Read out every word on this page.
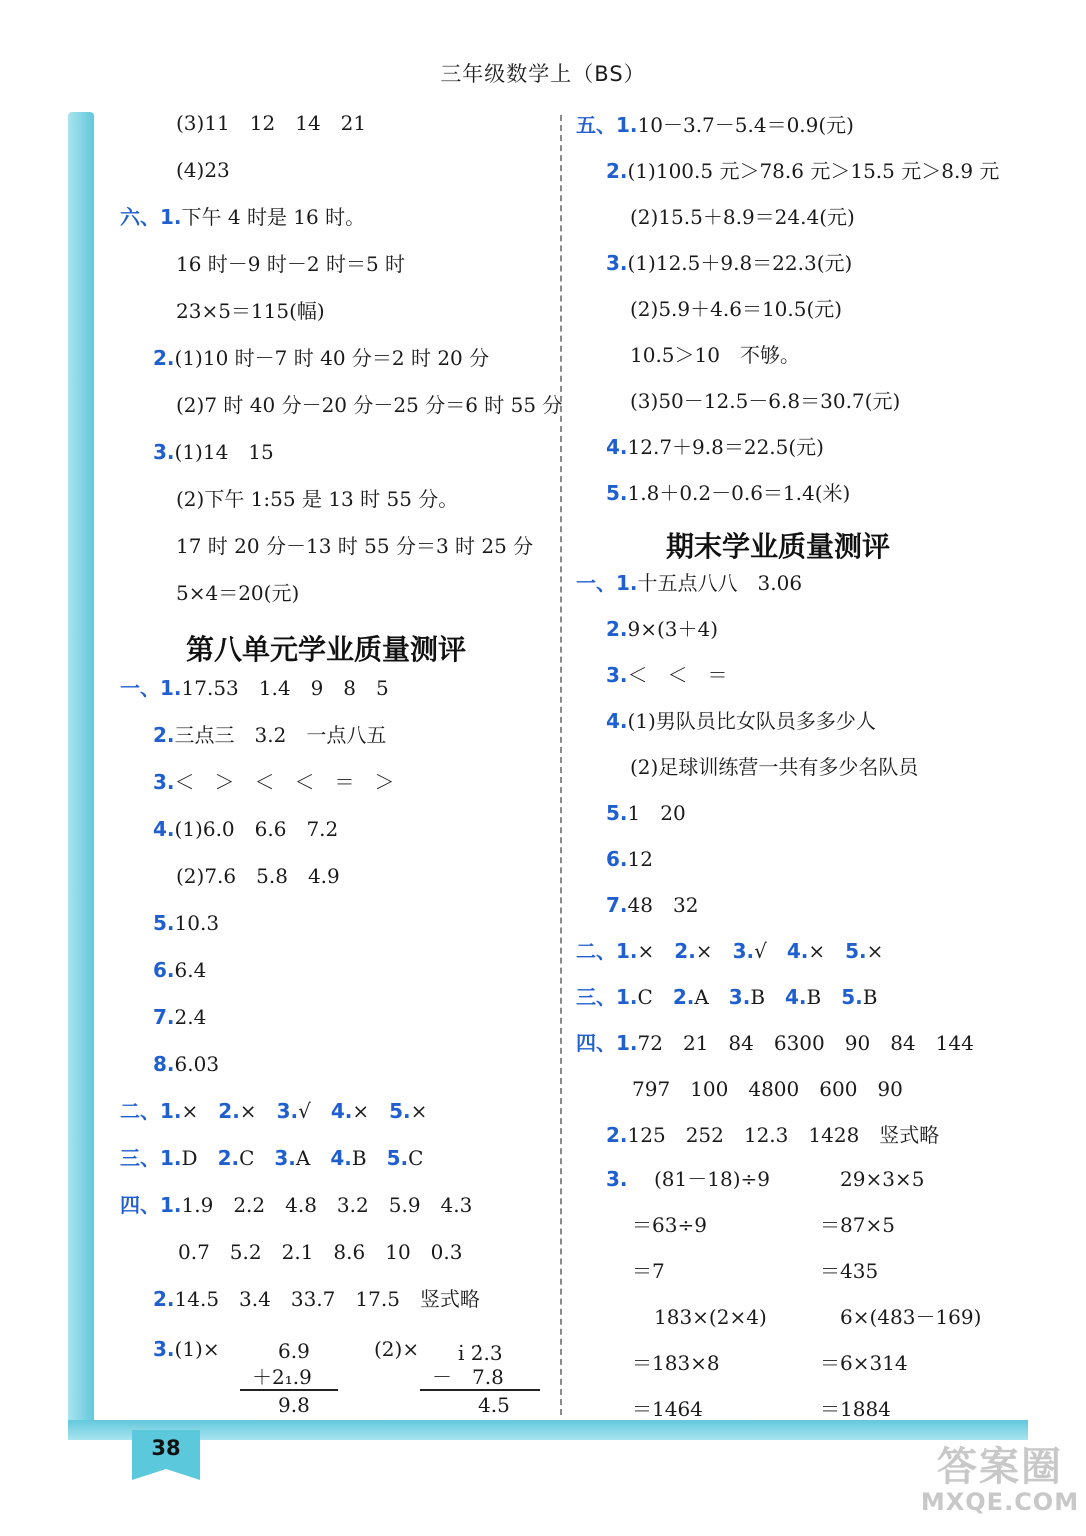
38
三年级数学上（BS）
(3)11　12　14　21
(4)23
六、1.下午 4 时是 16 时。
16 时－9 时－2 时＝5 时
23×5＝115(幅)
2.(1)10 时－7 时 40 分＝2 时 20 分
(2)7 时 40 分－20 分－25 分＝6 时 55 分
3.(1)14　15
(2)下午 1:55 是 13 时 55 分。
17 时 20 分－13 时 55 分＝3 时 25 分
5×4＝20(元)
第八单元学业质量测评
一、1.17.53　1.4　9　8　5
2.三点三　3.2　一点八五
3.＜　＞　＜　＜　＝　＞
4.(1)6.0　6.6　7.2
(2)7.6　5.8　4.9
5.10.3
6.6.4
7.2.4
8.6.03
二、1.×　 2.×　 3.√　 4.×　 5.×
三、1.D　 2.C　 3.A　 4.B　 5.C
四、1.1.9　2.2　4.8　3.2　5.9　4.3
0.7　5.2　2.1　8.6　10　0.3
2.14.5　3.4　33.7　17.5　竖式略
3.(1)×	6.9
＋2₁.9
9.8
(2)× i̇ 2̇.3
－　7.8
4.5
五、1.10－3.7－5.4＝0.9(元)
2.(1)100.5 元＞78.6 元＞15.5 元＞8.9 元
(2)15.5＋8.9＝24.4(元)
3.(1)12.5＋9.8＝22.3(元)
(2)5.9＋4.6＝10.5(元)
10.5＞10　不够。
(3)50－12.5－6.8＝30.7(元)
4.12.7＋9.8＝22.5(元)
5.1.8＋0.2－0.6＝1.4(米)
期末学业质量测评
一、1.十五点八八　3.06
2.9×(3＋4)
3.＜　＜　＝
4.(1)男队员比女队员多多少人
(2)足球训练营一共有多少名队员
5.1　20
6.12
7.48　32
二、1.×　 2.×　 3.√　 4.×　 5.×
三、1.C　 2.A　 3.B　 4.B　 5.B
四、1.72　21　84　6300　90　84　144
797　100　4800　600　90
2.125　252　12.3　1428　竖式略
3. (81－18)÷9	29×3×5
＝63÷9	＝87×5
＝7	＝435
183×(2×4)	6×(483－169)
＝183×8	＝6×314
＝1464	＝1884
答案圈
MXQE.COM
